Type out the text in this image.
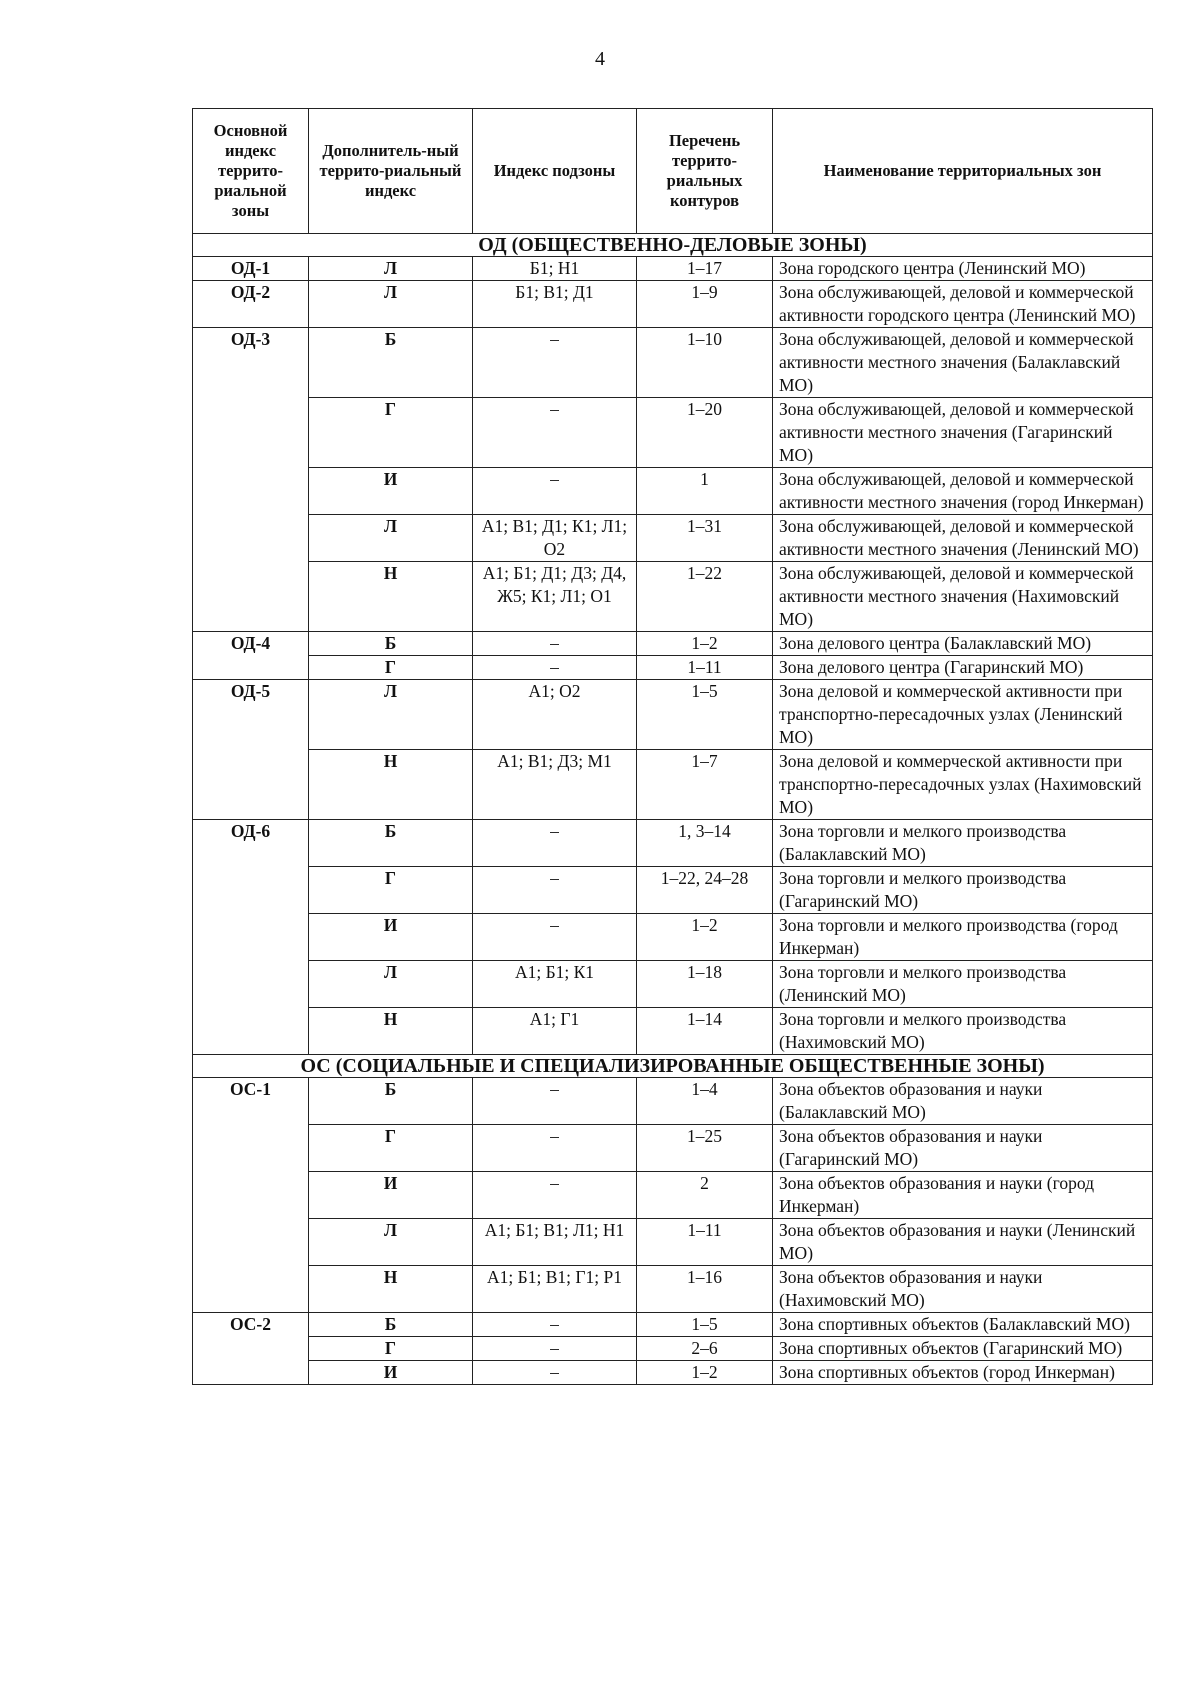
4
Основной индекс террито-риальной зоны	Дополнитель-ный террито-риальный индекс	Индекс подзоны	Перечень террито-риальных контуров	Наименование территориальных зон
ОД (ОБЩЕСТВЕННО-ДЕЛОВЫЕ ЗОНЫ)				
ОД-1	Л	Б1; Н1	1–17	Зона городского центра (Ленинский МО)
ОД-2	Л	Б1; В1; Д1	1–9	Зона обслуживающей, деловой и коммерческой активности городского центра (Ленинский МО)
ОД-3	Б	–	1–10	Зона обслуживающей, деловой и коммерческой активности местного значения (Балаклавский МО)
	Г	–	1–20	Зона обслуживающей, деловой и коммерческой активности местного значения (Гагаринский МО)
	И	–	1	Зона обслуживающей, деловой и коммерческой активности местного значения (город Инкерман)
	Л	А1; В1; Д1; К1; Л1; О2	1–31	Зона обслуживающей, деловой и коммерческой активности местного значения (Ленинский МО)
	Н	А1; Б1; Д1; Д3; Д4, Ж5; К1; Л1; О1	1–22	Зона обслуживающей, деловой и коммерческой активности местного значения (Нахимовский МО)
ОД-4	Б	–	1–2	Зона делового центра (Балаклавский МО)
	Г	–	1–11	Зона делового центра (Гагаринский МО)
ОД-5	Л	А1; О2	1–5	Зона деловой и коммерческой активности при транспортно-пересадочных узлах (Ленинский МО)
	Н	А1; В1; Д3; М1	1–7	Зона деловой и коммерческой активности при транспортно-пересадочных узлах (Нахимовский МО)
ОД-6	Б	–	1, 3–14	Зона торговли и мелкого производства (Балаклавский МО)
	Г	–	1–22, 24–28	Зона торговли и мелкого производства (Гагаринский МО)
	И	–	1–2	Зона торговли и мелкого производства (город Инкерман)
	Л	А1; Б1; К1	1–18	Зона торговли и мелкого производства (Ленинский МО)
	Н	А1; Г1	1–14	Зона торговли и мелкого производства (Нахимовский МО)
ОС (СОЦИАЛЬНЫЕ И СПЕЦИАЛИЗИРОВАННЫЕ ОБЩЕСТВЕННЫЕ ЗОНЫ)				
ОС-1	Б	–	1–4	Зона объектов образования и науки (Балаклавский МО)
	Г	–	1–25	Зона объектов образования и науки (Гагаринский МО)
	И	–	2	Зона объектов образования и науки (город Инкерман)
	Л	А1; Б1; В1; Л1; Н1	1–11	Зона объектов образования и науки (Ленинский МО)
	Н	А1; Б1; В1; Г1; Р1	1–16	Зона объектов образования и науки (Нахимовский МО)
ОС-2	Б	–	1–5	Зона спортивных объектов (Балаклавский МО)
	Г	–	2–6	Зона спортивных объектов (Гагаринский МО)
	И	–	1–2	Зона спортивных объектов (город Инкерман)
